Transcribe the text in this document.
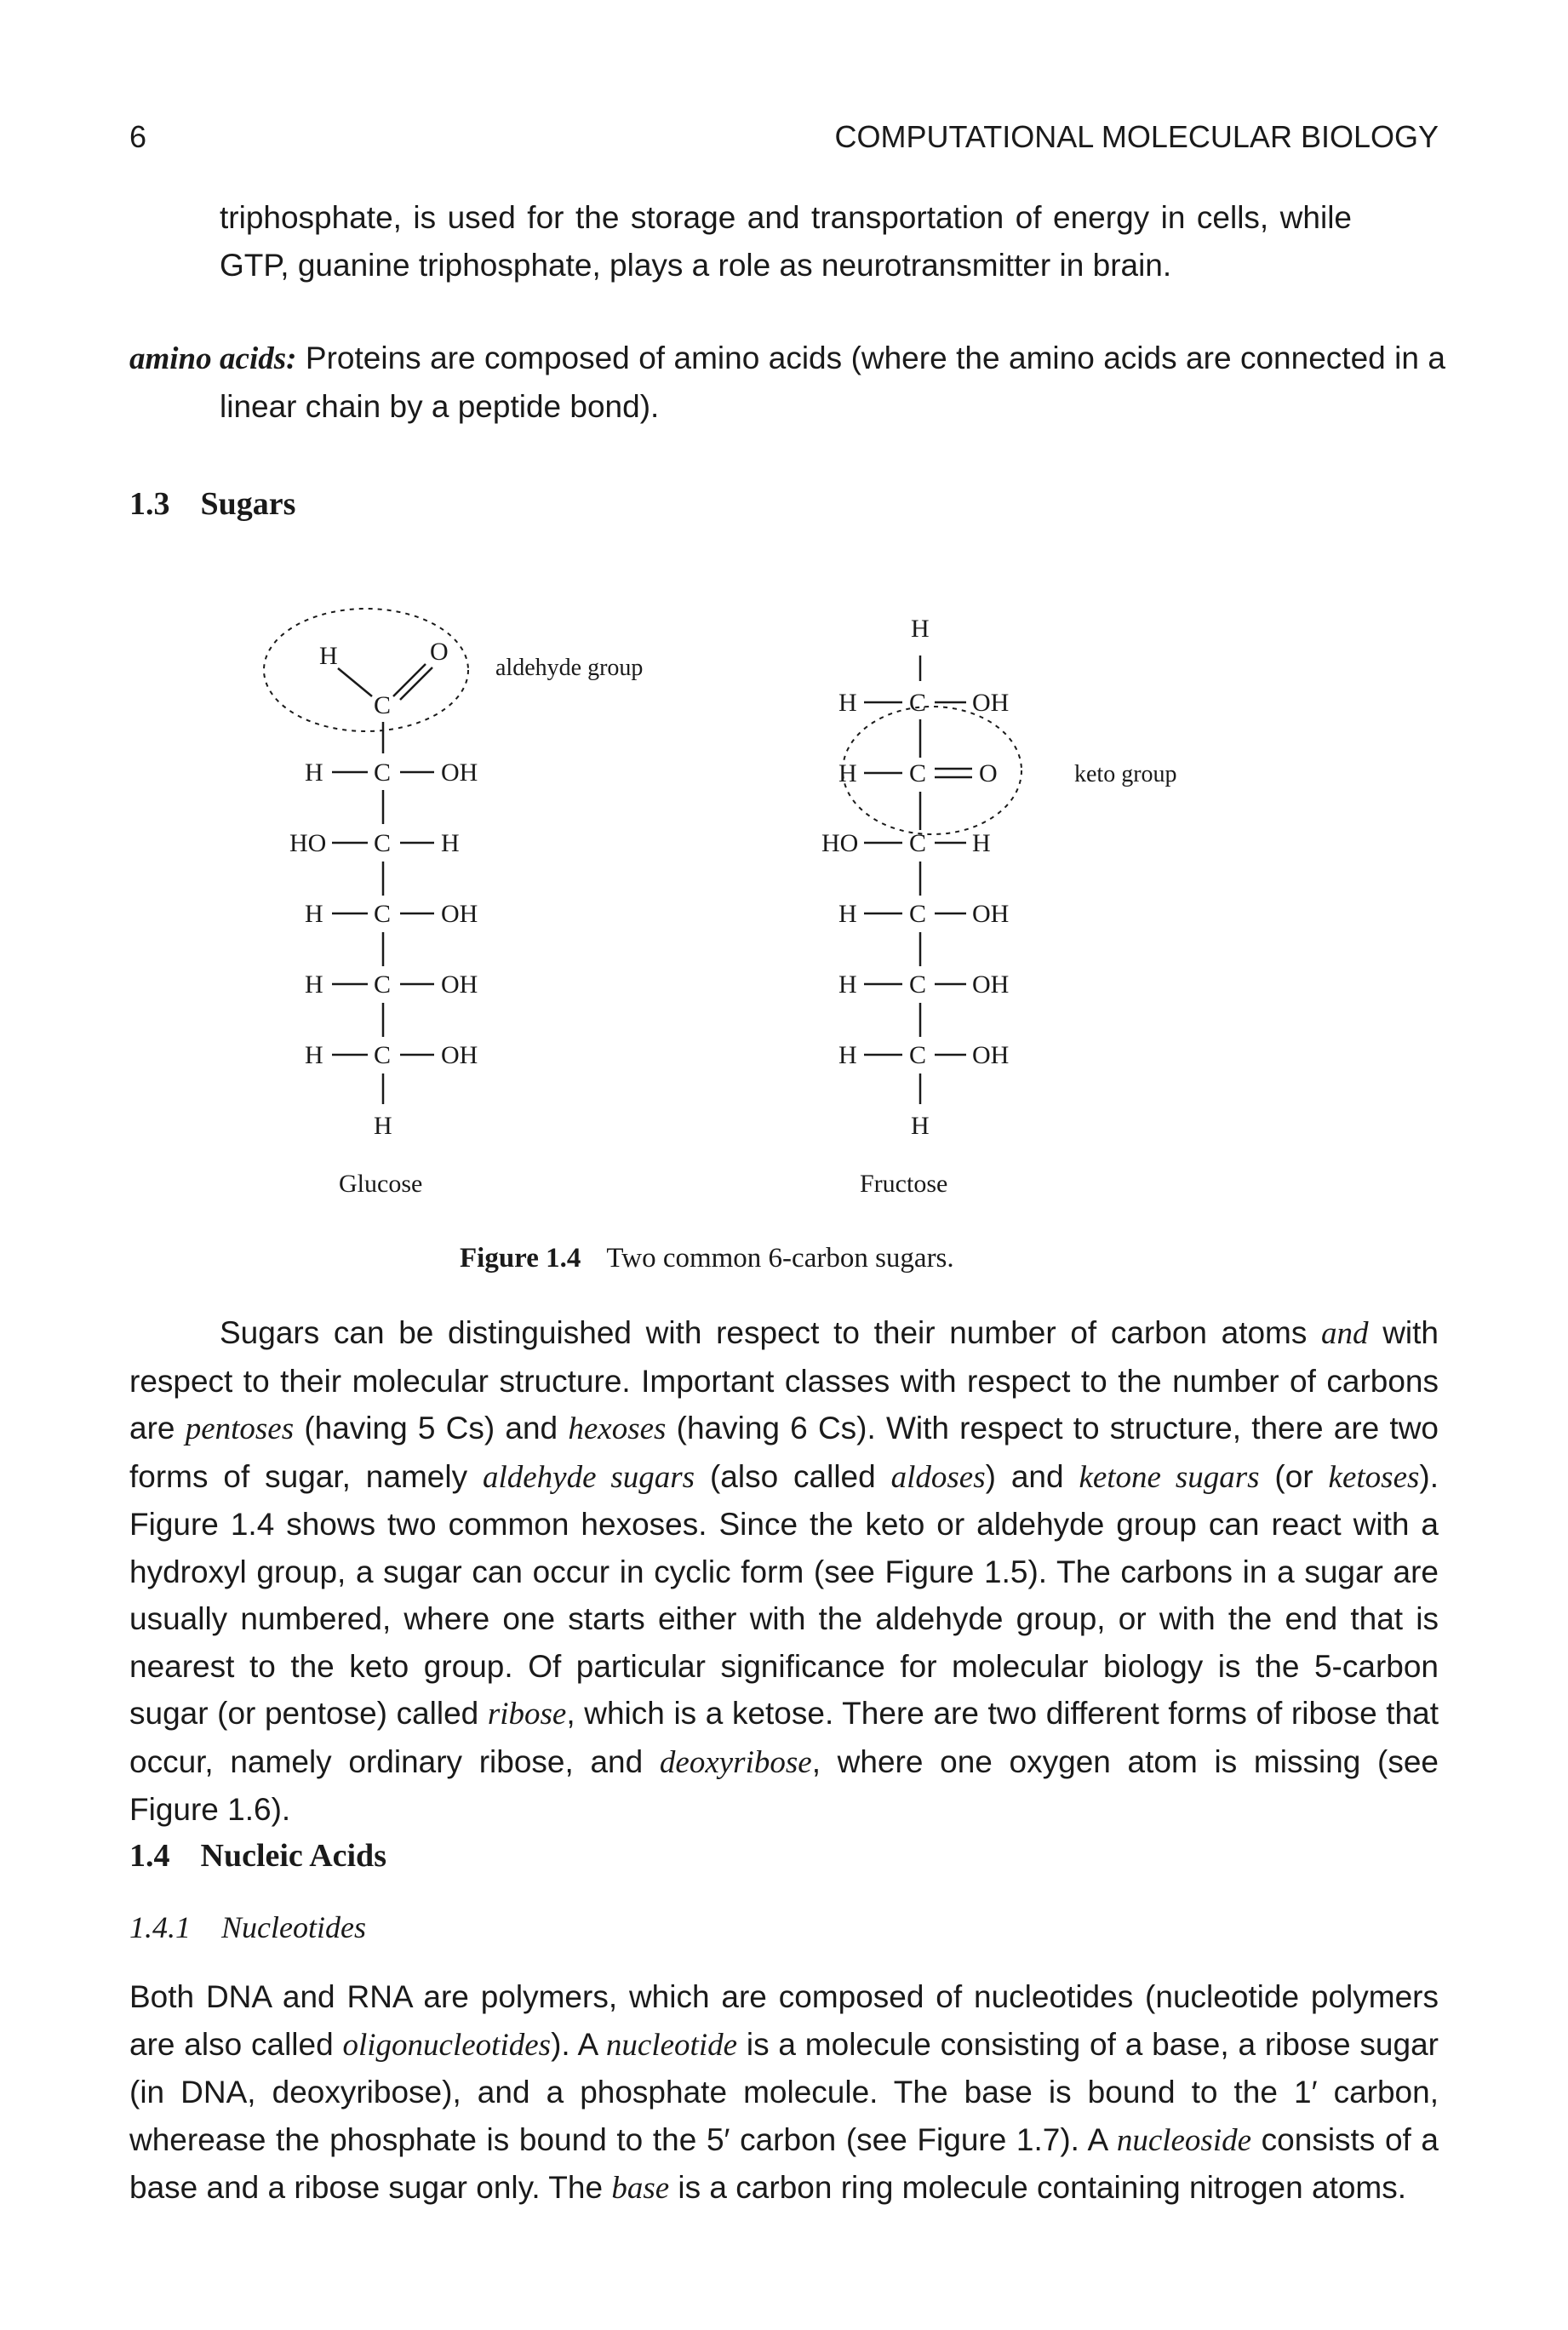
6	COMPUTATIONAL MOLECULAR BIOLOGY
triphosphate, is used for the storage and transportation of energy in cells, while GTP, guanine triphosphate, plays a role as neurotransmitter in brain.
amino acids: Proteins are composed of amino acids (where the amino acids are connected in a linear chain by a peptide bond).
1.3 Sugars
H	O
C
aldehyde group
H C OH
HO C H
H C OH
H C OH
H C OH
H
Glucose
H
H C OH
H C O	keto group
HO C H
H C OH
H C OH
H C OH
H
Fructose
Figure 1.4 Two common 6-carbon sugars.
Sugars can be distinguished with respect to their number of carbon atoms and with respect to their molecular structure. Important classes with respect to the number of carbons are pentoses (having 5 Cs) and hexoses (having 6 Cs). With respect to structure, there are two forms of sugar, namely aldehyde sugars (also called aldoses) and ketone sugars (or ketoses). Figure 1.4 shows two common hexoses. Since the keto or aldehyde group can react with a hydroxyl group, a sugar can occur in cyclic form (see Figure 1.5). The carbons in a sugar are usually numbered, where one starts either with the aldehyde group, or with the end that is nearest to the keto group. Of particular significance for molecular biology is the 5-carbon sugar (or pentose) called ribose, which is a ketose. There are two different forms of ribose that occur, namely ordinary ribose, and deoxyribose, where one oxygen atom is missing (see Figure 1.6).
1.4 Nucleic Acids
1.4.1 Nucleotides
Both DNA and RNA are polymers, which are composed of nucleotides (nucleotide polymers are also called oligonucleotides). A nucleotide is a molecule consisting of a base, a ribose sugar (in DNA, deoxyribose), and a phosphate molecule. The base is bound to the 1′ carbon, wherease the phosphate is bound to the 5′ carbon (see Figure 1.7). A nucleoside consists of a base and a ribose sugar only. The base is a carbon ring molecule containing nitrogen atoms.
